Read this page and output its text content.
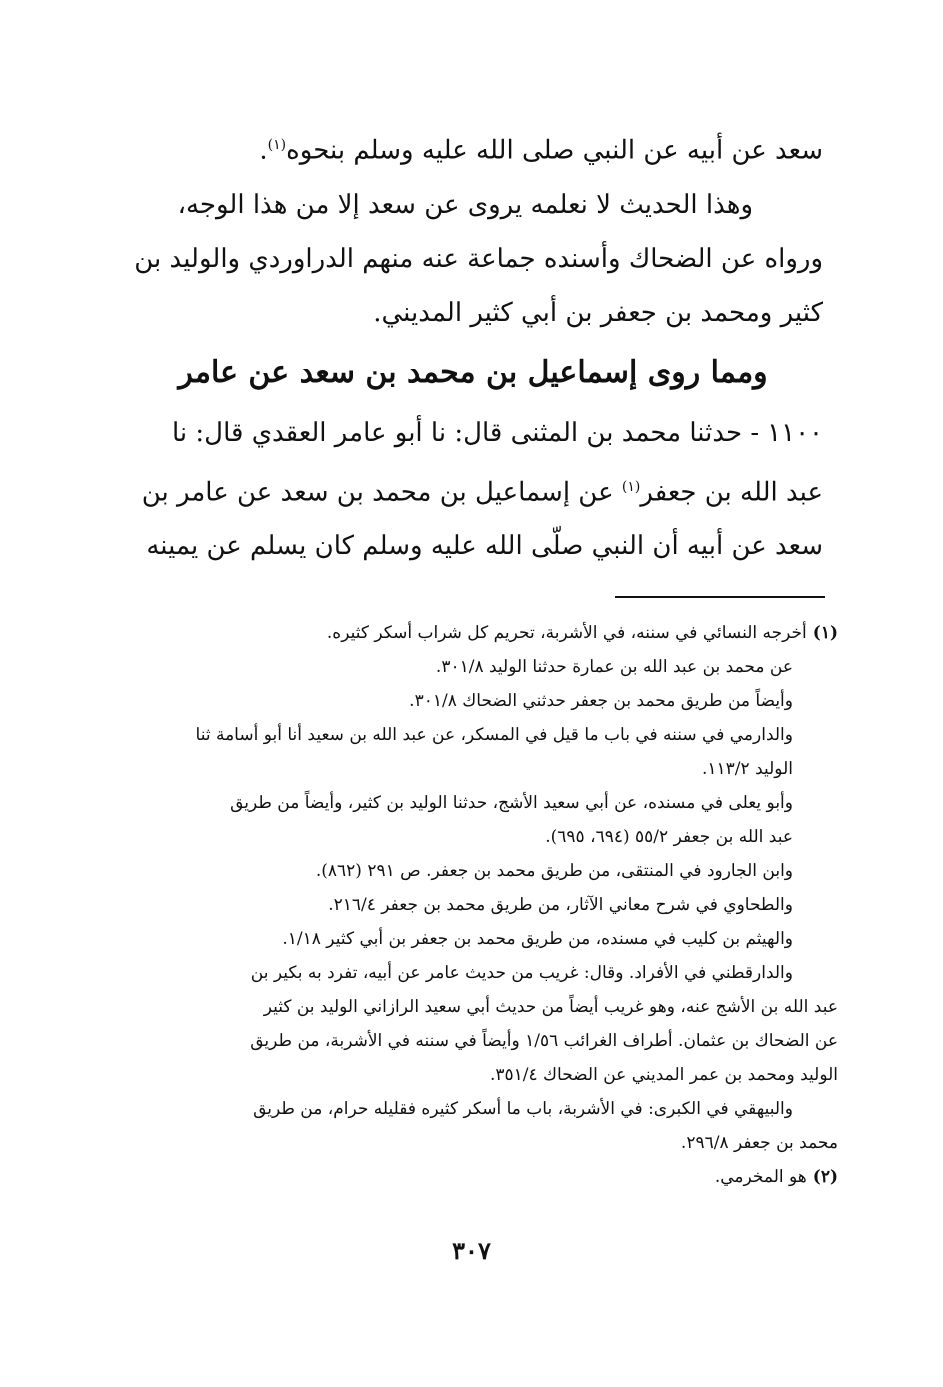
سعد عن أبيه عن النبي صلى الله عليه وسلم بنحوه$^{(١)}$.
وهذا الحديث لا نعلمه يروى عن سعد إلا من هذا الوجه،
ورواه عن الضحاك وأسنده جماعة عنه منهم الدراوردي والوليد بن
كثير ومحمد بن جعفر بن أبي كثير المديني.
ومما روى إسماعيل بن محمد بن سعد عن عامر
١١٠٠- حدثنا محمد بن المثنى قال: نا أبو عامر العقدي قال: نا
عبد الله بن جعفر$^{(١)}$ عن إسماعيل بن محمد بن سعد عن عامر بن
سعد عن أبيه أن النبي صلّى الله عليه وسلم كان يسلم عن يمينه
(١)أخرجه النسائي في سننه، في الأشربة، تحريم كل شراب أسكر كثيره.
عن محمد بن عبد الله بن عمارة حدثنا الوليد ٣٠١/٨.
وأيضاً من طريق محمد بن جعفر حدثني الضحاك ٣٠١/٨.
والدارمي في سننه في باب ما قيل في المسكر، عن عبد الله بن سعيد أنا أبو أسامة ثنا
الوليد ١١٣/٢.
وأبو يعلى في مسنده، عن أبي سعيد الأشج، حدثنا الوليد بن كثير، وأيضاً من طريق
عبد الله بن جعفر ٥٥/٢ (٦٩٤، ٦٩٥).
وابن الجارود في المنتقى، من طريق محمد بن جعفر. ص ٢٩١ (٨٦٢).
والطحاوي في شرح معاني الآثار، من طريق محمد بن جعفر ٢١٦/٤.
والهيثم بن كليب في مسنده، من طريق محمد بن جعفر بن أبي كثير ١/١٨.
والدارقطني في الأفراد. وقال: غريب من حديث عامر عن أبيه، تفرد به بكير بن
عبد الله بن الأشج عنه، وهو غريب أيضاً من حديث أبي سعيد الرازاني الوليد بن كثير
عن الضحاك بن عثمان. أطراف الغرائب ١/٥٦ وأيضاً في سننه في الأشربة، من طريق
الوليد ومحمد بن عمر المديني عن الضحاك ٣٥١/٤.
والبيهقي في الكبرى: في الأشربة، باب ما أسكر كثيره فقليله حرام، من طريق
محمد بن جعفر ٢٩٦/٨.
(٢)هو المخرمي.
٣٠٧
